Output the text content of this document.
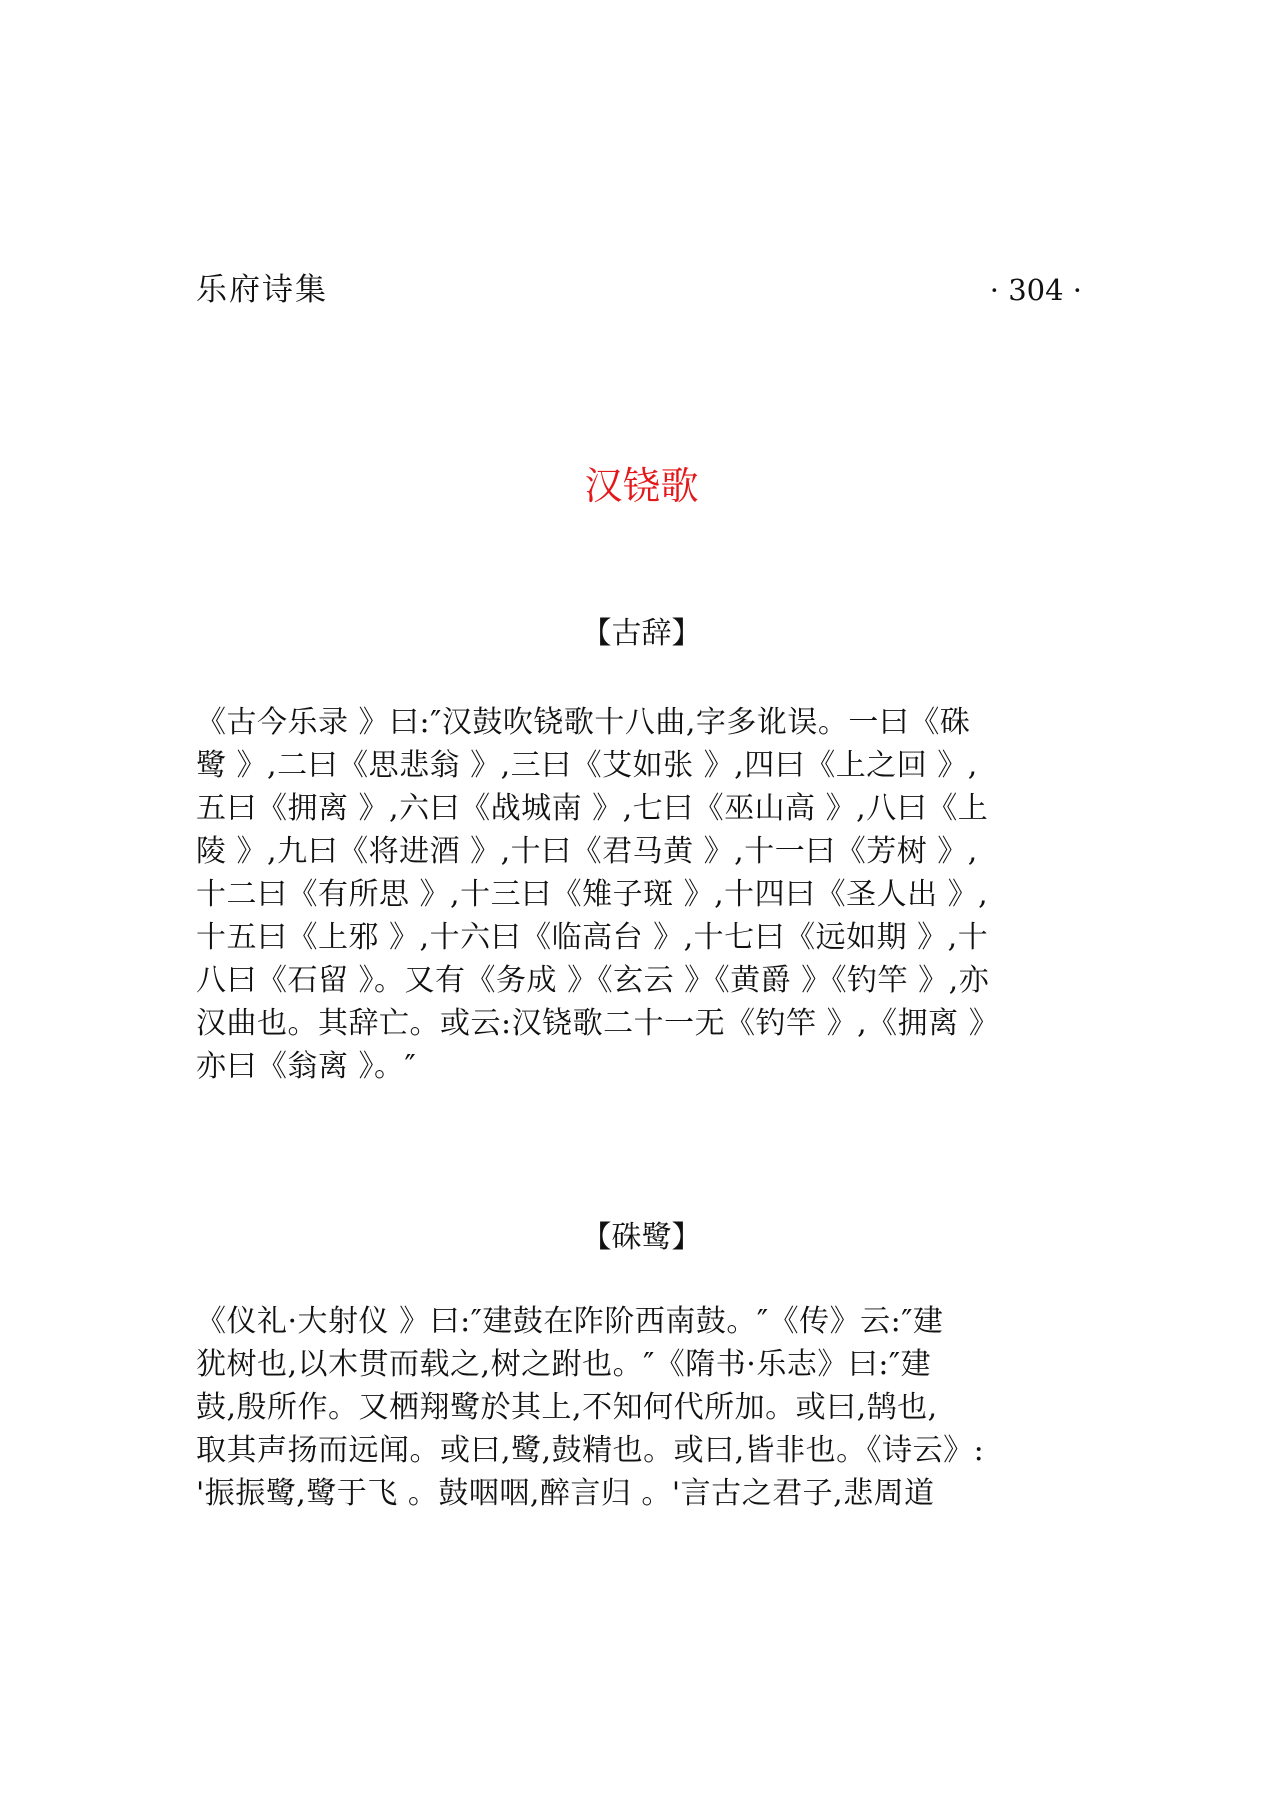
乐府诗集	· 304 ·
汉铙歌
【古辞】
《古今乐录 》曰:″汉鼓吹铙歌十八曲,字多讹误。一曰《硃
鹭 》,二曰《思悲翁 》,三曰《艾如张 》,四曰《上之回 》,
五曰《拥离 》,六曰《战城南 》,七曰《巫山高 》,八曰《上
陵 》,九曰《将进酒 》,十曰《君马黄 》,十一曰《芳树 》,
十二曰《有所思 》,十三曰《雉子斑 》,十四曰《圣人出 》,
十五曰《上邪 》,十六曰《临高台 》,十七曰《远如期 》,十
八曰《石留 》。又有《务成 》《玄云 》《黄爵 》《钓竿 》,亦
汉曲也。其辞亡。或云:汉铙歌二十一无《钓竿 》,《拥离 》
亦曰《翁离 》。″
【硃鹭】
《仪礼·大射仪 》曰:″建鼓在阼阶西南鼓。″《传》云:″建
犹树也,以木贯而载之,树之跗也。″《隋书·乐志》曰:″建
鼓,殷所作。又栖翔鹭於其上,不知何代所加。或曰,鹄也,
取其声扬而远闻。或曰,鹭,鼓精也。或曰,皆非也。《诗云》:
'振振鹭,鹭于飞 。鼓咽咽,醉言归 。'言古之君子,悲周道
